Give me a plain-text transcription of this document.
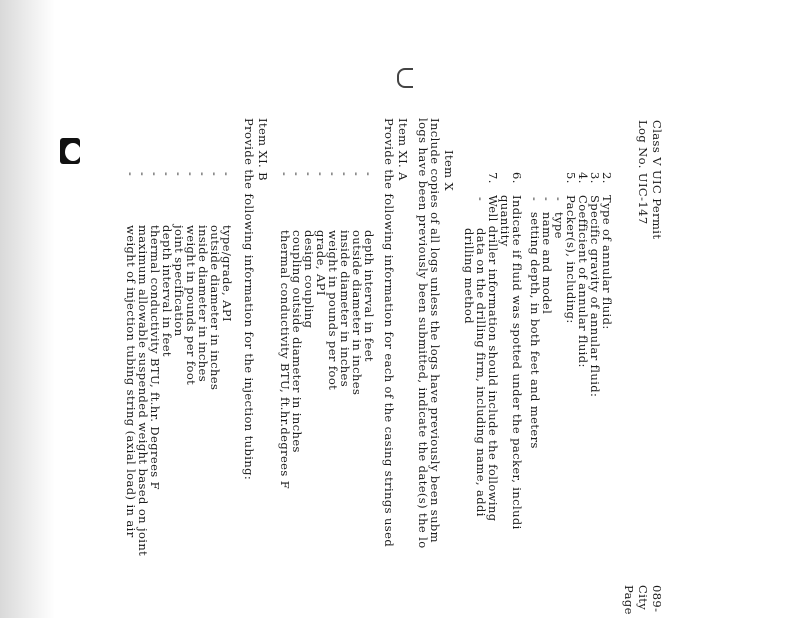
Class V UIC Permit
Log No. UIC-147
089-
City
Page
2.
Type of annular fluid:
3.
Specific gravity of annular fluid:
4.
Coefficient of annular fluid:
5.
Packer(s), including:
-
type
-
name and model
-
setting depth, in both feet and meters
6.
Indicate if fluid was spotted under the packer, includi
quantity
7.
Well driller information should include the following
-
data on the drilling firm, including name, addi
drilling method
Item X
Include copies of all logs unless the logs have previously been subm
logs have been previously been submitted, indicate the date(s) the lo
Item XI. A
Provide the following information for each of the casing strings used
-
depth interval in feet
-
outside diameter in inches
-
inside diameter in inches
-
weight in pounds per foot
-
grade, API
-
design coupling
-
coupling outside diameter in inches
-
thermal conductivity BTU, ft.hr.degrees F
Item XI. B
Provide the following information for the injection tubing:
-
type/grade, API
-
outside diameter in inches
-
inside diameter in inches
-
weight in pounds per foot
-
joint specification
-
depth interval in feet
-
thermal conductivity BTU, ft.hr. Degrees F
-
maximum allowable suspended weight based on joint
-
weight of injection tubing string (axial load) in air
